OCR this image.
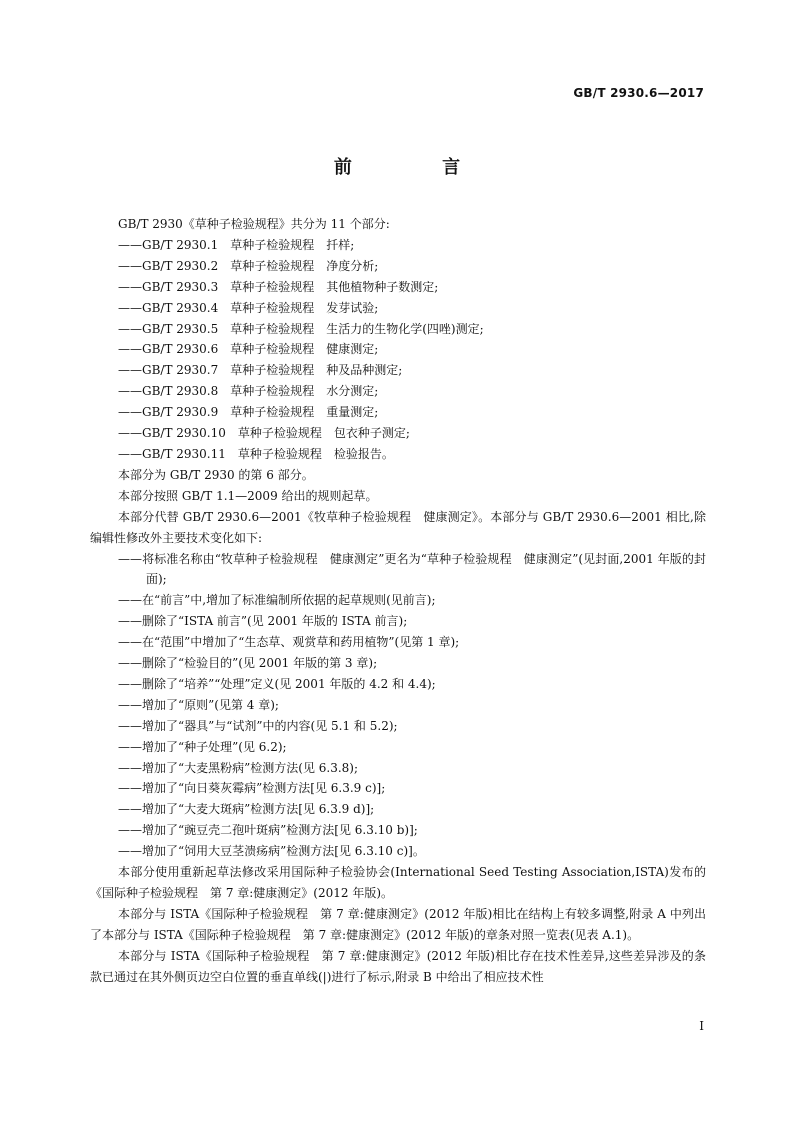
GB/T 2930.6—2017
前 言

GB/T 2930《草种子检验规程》共分为 11 个部分:

——GB/T 2930.1　草种子检验规程　扦样;

——GB/T 2930.2　草种子检验规程　净度分析;

——GB/T 2930.3　草种子检验规程　其他植物种子数测定;

——GB/T 2930.4　草种子检验规程　发芽试验;

——GB/T 2930.5　草种子检验规程　生活力的生物化学(四唑)测定;

——GB/T 2930.6　草种子检验规程　健康测定;

——GB/T 2930.7　草种子检验规程　种及品种测定;

——GB/T 2930.8　草种子检验规程　水分测定;

——GB/T 2930.9　草种子检验规程　重量测定;

——GB/T 2930.10　草种子检验规程　包衣种子测定;

——GB/T 2930.11　草种子检验规程　检验报告。

本部分为 GB/T 2930 的第 6 部分。

本部分按照 GB/T 1.1—2009 给出的规则起草。

本部分代替 GB/T 2930.6—2001《牧草种子检验规程　健康测定》。本部分与 GB/T 2930.6—2001 相比,除编辑性修改外主要技术变化如下:

——将标准名称由“牧草种子检验规程　健康测定”更名为“草种子检验规程　健康测定”(见封面,2001 年版的封面);

——在“前言”中,增加了标准编制所依据的起草规则(见前言);

——删除了“ISTA 前言”(见 2001 年版的 ISTA 前言);

——在“范围”中增加了“生态草、观赏草和药用植物”(见第 1 章);

——删除了“检验目的”(见 2001 年版的第 3 章);

——删除了“培养”“处理”定义(见 2001 年版的 4.2 和 4.4);

——增加了“原则”(见第 4 章);

——增加了“器具”与“试剂”中的内容(见 5.1 和 5.2);

——增加了“种子处理”(见 6.2);

——增加了“大麦黑粉病”检测方法(见 6.3.8);

——增加了“向日葵灰霉病”检测方法[见 6.3.9 c)];

——增加了“大麦大斑病”检测方法[见 6.3.9 d)];

——增加了“豌豆壳二孢叶斑病”检测方法[见 6.3.10 b)];

——增加了“饲用大豆茎溃疡病”检测方法[见 6.3.10 c)]。

本部分使用重新起草法修改采用国际种子检验协会(International Seed Testing Association,ISTA)发布的《国际种子检验规程　第 7 章:健康测定》(2012 年版)。

本部分与 ISTA《国际种子检验规程　第 7 章:健康测定》(2012 年版)相比在结构上有较多调整,附录 A 中列出了本部分与 ISTA《国际种子检验规程　第 7 章:健康测定》(2012 年版)的章条对照一览表(见表 A.1)。

本部分与 ISTA《国际种子检验规程　第 7 章:健康测定》(2012 年版)相比存在技术性差异,这些差异涉及的条款已通过在其外侧页边空白位置的垂直单线(|)进行了标示,附录 B 中给出了相应技术性

I
